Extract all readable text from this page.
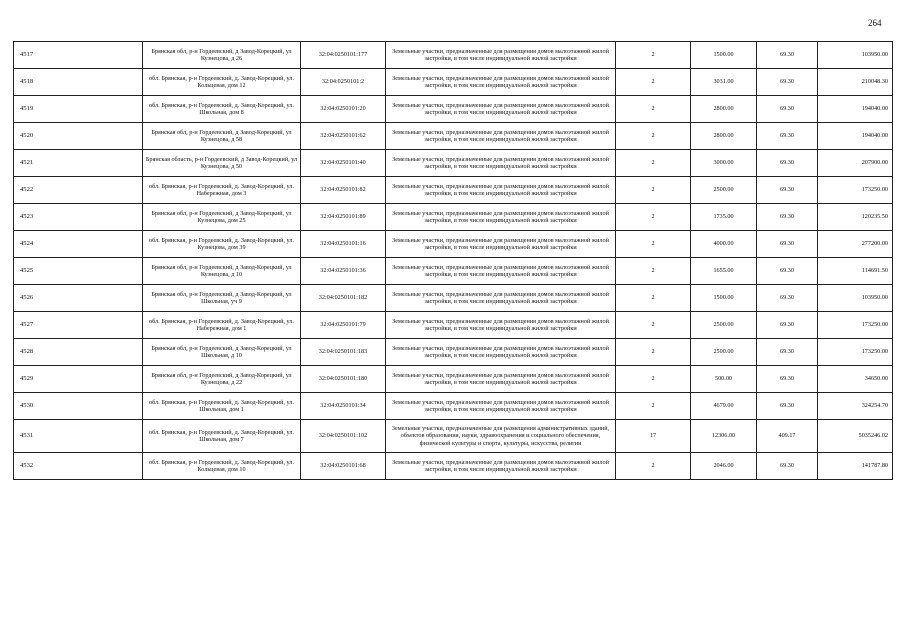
264
4517	Брянская обл, р-н Гордеевский, д Завод-Корецкий, ул Кузнецова, д 26	32:04:0250101:177	Земельные участки, предназначенные для размещения домов малоэтажной жилой застройки, в том числе индивидуальной жилой застройки	2	1500.00	69.30	103950.00
4518	обл. Брянская, р-н Гордеевский, д. Завод-Корецкий, ул. Кольцевая, дом 12	32:04:0250101:2	Земельные участки, предназначенные для размещения домов малоэтажной жилой застройки, в том числе индивидуальной жилой застройки	2	3031.00	69.30	210048.30
4519	обл. Брянская, р-н Гордеевский, д. Завод-Корецкий, ул. Школьная, дом 8	32:04:0250101:20	Земельные участки, предназначенные для размещения домов малоэтажной жилой застройки, в том числе индивидуальной жилой застройки	2	2800.00	69.30	194040.00
4520	Брянская обл, р-н Гордеевский, д Завод-Корецкий, ул Кузнецова, д 58	32:04:0250101:62	Земельные участки, предназначенные для размещения домов малоэтажной жилой застройки, в том числе индивидуальной жилой застройки	2	2800.00	69.30	194040.00
4521	Брянская область, р-н Гордеевский, д Завод-Корецкий, ул Кузнецова, д 50	32:04:0250101:40	Земельные участки, предназначенные для размещения домов малоэтажной жилой застройки, в том числе индивидуальной жилой застройки	2	3000.00	69.30	207900.00
4522	обл. Брянская, р-н Гордеевский, д. Завод-Корецкий, ул. Набережная, дом 3	32:04:0250101:82	Земельные участки, предназначенные для размещения домов малоэтажной жилой застройки, в том числе индивидуальной жилой застройки	2	2500.00	69.30	173250.00
4523	Брянская обл, р-н Гордеевский, д Завод-Корецкий, ул Кузнецова, дом 25	32:04:0250101:89	Земельные участки, предназначенные для размещения домов малоэтажной жилой застройки, в том числе индивидуальной жилой застройки	2	1735.00	69.30	120235.50
4524	обл. Брянская, р-н Гордеевский, д. Завод-Корецкий, ул. Кузнецова, дом 39	32:04:0250101:16	Земельные участки, предназначенные для размещения домов малоэтажной жилой застройки, в том числе индивидуальной жилой застройки	2	4000.00	69.30	277200.00
4525	Брянская обл, р-н Гордеевский, д Завод-Корецкий, ул Кузнецова, д 10	32:04:0250101:36	Земельные участки, предназначенные для размещения домов малоэтажной жилой застройки, в том числе индивидуальной жилой застройки	2	1655.00	69.30	114691.50
4526	Брянская обл, р-н Гордеевский, д Завод-Корецкий, ул Школьная, уч 9	32:04:0250101:182	Земельные участки, предназначенные для размещения домов малоэтажной жилой застройки, в том числе индивидуальной жилой застройки	2	1500.00	69.30	103950.00
4527	обл. Брянская, р-н Гордеевский, д. Завод-Корецкий, ул. Набережная, дом 1	32:04:0250101:79	Земельные участки, предназначенные для размещения домов малоэтажной жилой застройки, в том числе индивидуальной жилой застройки	2	2500.00	69.30	173250.00
4528	Брянская обл, р-н Гордеевский, д Завод-Корецкий, ул Школьная, д 10	32:04:0250101:183	Земельные участки, предназначенные для размещения домов малоэтажной жилой застройки, в том числе индивидуальной жилой застройки	2	2500.00	69.30	173250.00
4529	Брянская обл, р-н Гордеевский, д Завод-Корецкий, ул Кузнецова, д 22	32:04:0250101:180	Земельные участки, предназначенные для размещения домов малоэтажной жилой застройки, в том числе индивидуальной жилой застройки	2	500.00	69.30	34650.00
4530	обл. Брянская, р-н Гордеевский, д. Завод-Корецкий, ул. Школьная, дом 1	32:04:0250101:34	Земельные участки, предназначенные для размещения домов малоэтажной жилой застройки, в том числе индивидуальной жилой застройки	2	4679.00	69.30	324254.70
4531	обл. Брянская, р-н Гордеевский, д. Завод-Корецкий, ул. Школьная, дом 7	32:04:0250101:102	Земельные участки, предназначенные для размещения административных зданий, объектов образования, науки, здравоохранения и социального обеспечения, физической культуры и спорта, культуры, искусства, религии	17	12306.00	409.17	5035246.02
4532	обл. Брянская, р-н Гордеевский, д. Завод-Корецкий, ул. Кольцевая, дом 10	32:04:0250101:68	Земельные участки, предназначенные для размещения домов малоэтажной жилой застройки, в том числе индивидуальной жилой застройки	2	2046.00	69.30	141787.80
